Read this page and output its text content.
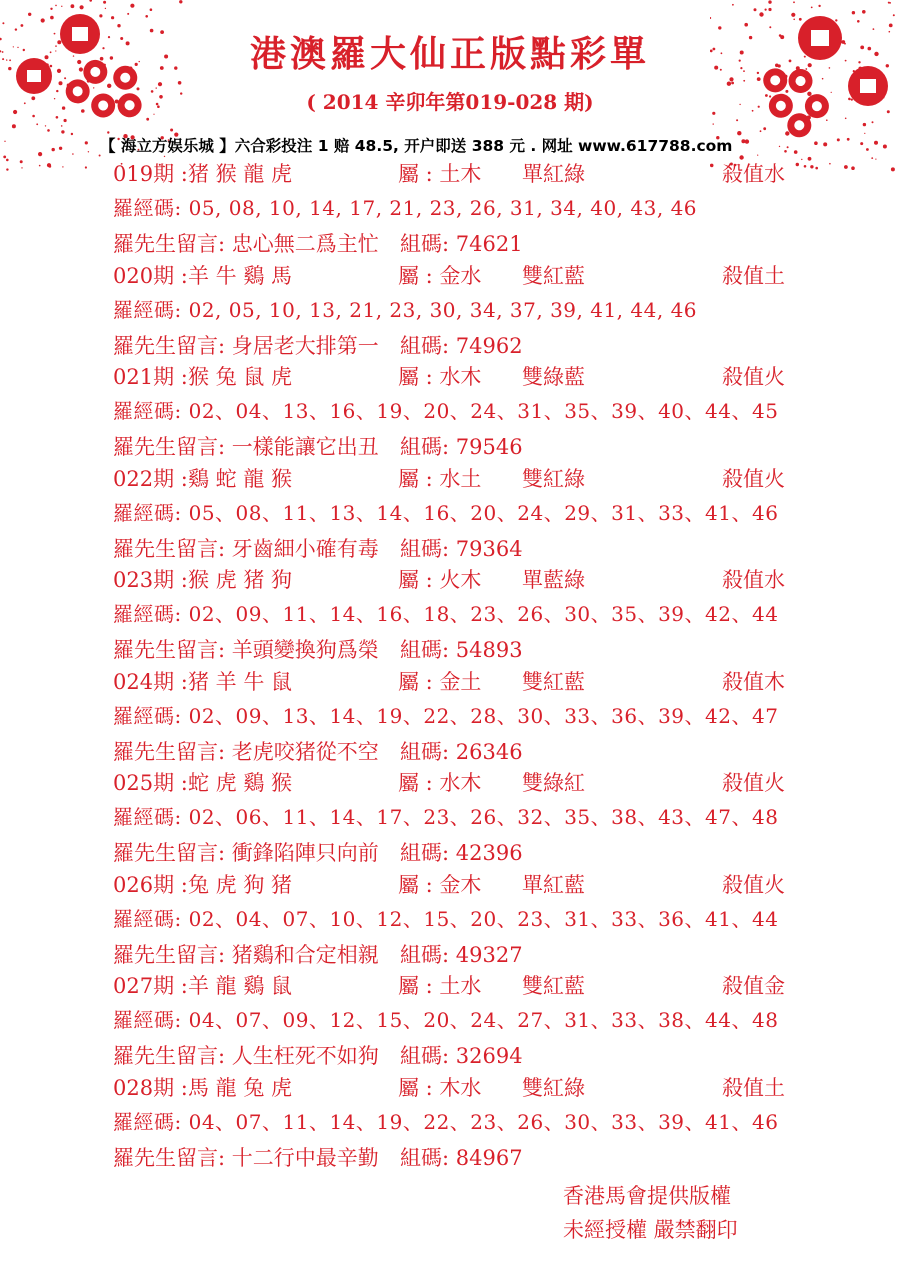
港澳羅大仙正版點彩單
( 2014 辛卯年第019-028 期)
【 海立方娱乐城 】六合彩投注 1 赔 48.5, 开户即送 388 元 . 网址 www.617788.com
019期 : 猪 猴 龍 虎	屬 : 土木 單紅綠	殺值水
羅經碼: 05, 08, 10, 14, 17, 21, 23, 26, 31, 34, 40, 43, 46
羅先生留言: 忠心無二爲主忙 組碼: 74621
020期 : 羊 牛 鷄 馬	屬 : 金水 雙紅藍	殺值土
羅經碼: 02, 05, 10, 13, 21, 23, 30, 34, 37, 39, 41, 44, 46
羅先生留言: 身居老大排第一 組碼: 74962
021期 : 猴 兔 鼠 虎	屬 : 水木 雙綠藍	殺值火
羅經碼: 02、04、13、16、19、20、24、31、35、39、40、44、45
羅先生留言: 一樣能讓它出丑 組碼: 79546
022期 : 鷄 蛇 龍 猴	屬 : 水土 雙紅綠	殺值火
羅經碼: 05、08、11、13、14、16、20、24、29、31、33、41、46
羅先生留言: 牙齒細小確有毒 組碼: 79364
023期 : 猴 虎 猪 狗	屬 : 火木 單藍綠	殺值水
羅經碼: 02、09、11、14、16、18、23、26、30、35、39、42、44
羅先生留言: 羊頭變換狗爲榮 組碼: 54893
024期 : 猪 羊 牛 鼠	屬 : 金土 雙紅藍	殺值木
羅經碼: 02、09、13、14、19、22、28、30、33、36、39、42、47
羅先生留言: 老虎咬猪從不空 組碼: 26346
025期 : 蛇 虎 鷄 猴	屬 : 水木 雙綠紅	殺值火
羅經碼: 02、06、11、14、17、23、26、32、35、38、43、47、48
羅先生留言: 衝鋒陷陣只向前 組碼: 42396
026期 : 兔 虎 狗 猪	屬 : 金木 單紅藍	殺值火
羅經碼: 02、04、07、10、12、15、20、23、31、33、36、41、44
羅先生留言: 猪鷄和合定相親 組碼: 49327
027期 : 羊 龍 鷄 鼠	屬 : 土水 雙紅藍	殺值金
羅經碼: 04、07、09、12、15、20、24、27、31、33、38、44、48
羅先生留言: 人生枉死不如狗 組碼: 32694
028期 : 馬 龍 兔 虎	屬 : 木水 雙紅綠	殺值土
羅經碼: 04、07、11、14、19、22、23、26、30、33、39、41、46
羅先生留言: 十二行中最辛勤 組碼: 84967
香港馬會提供版權
未經授權 嚴禁翻印
